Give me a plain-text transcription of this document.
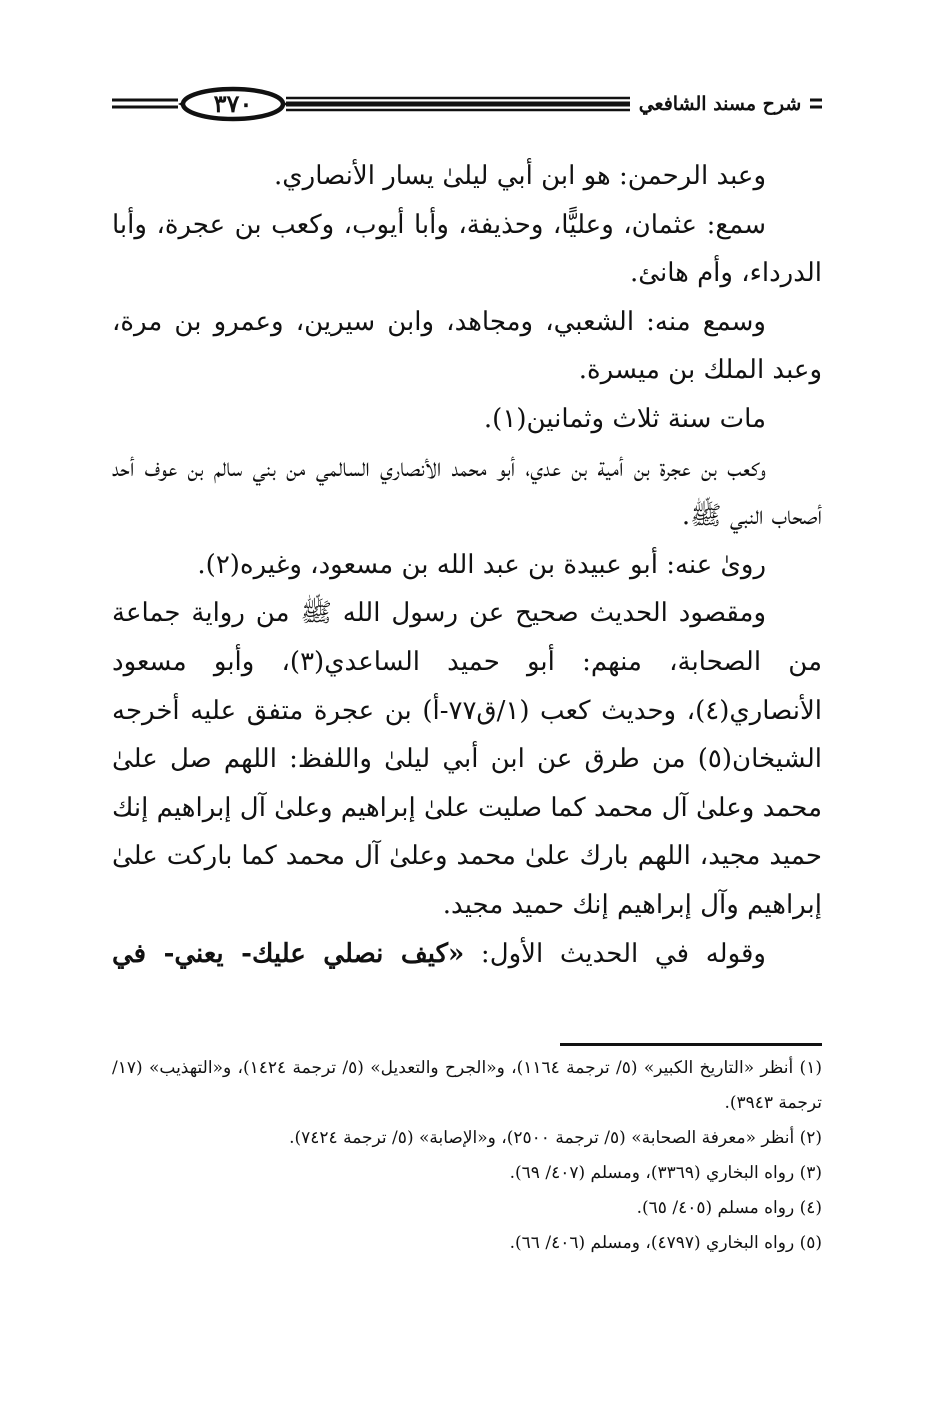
٣٧٠	شرح مسند الشافعي

وعبد الرحمن: هو ابن أبي ليلىٰ يسار الأنصاري.

سمع: عثمان، وعليًّا، وحذيفة، وأبا أيوب، وكعب بن عجرة، وأبا الدرداء، وأم هانئ.

وسمع منه: الشعبي، ومجاهد، وابن سيرين، وعمرو بن مرة، وعبد الملك بن ميسرة.

مات سنة ثلاث وثمانين(١).

وكعب بن عجرة بن أمية بن عدي، أبو محمد الأنصاري السالمي من بني سالم بن عوف أحد أصحاب النبي ﷺ.

روىٰ عنه: أبو عبيدة بن عبد الله بن مسعود، وغيره(٢).

ومقصود الحديث صحيح عن رسول الله ﷺ من رواية جماعة من الصحابة، منهم: أبو حميد الساعدي(٣)، وأبو مسعود الأنصاري(٤)، وحديث كعب (١/ق٧٧-أ) بن عجرة متفق عليه أخرجه الشيخان(٥) من طرق عن ابن أبي ليلىٰ واللفظ: اللهم صل علىٰ محمد وعلىٰ آل محمد كما صليت علىٰ إبراهيم وعلىٰ آل إبراهيم إنك حميد مجيد، اللهم بارك علىٰ محمد وعلىٰ آل محمد كما باركت علىٰ إبراهيم وآل إبراهيم إنك حميد مجيد.

وقوله في الحديث الأول: «كيف نصلي عليك- يعني- في

(١) أنظر «التاريخ الكبير» (٥/ ترجمة ١١٦٤)، و«الجرح والتعديل» (٥/ ترجمة ١٤٢٤)، و«التهذيب» (١٧/ ترجمة ٣٩٤٣).

(٢) أنظر «معرفة الصحابة» (٥/ ترجمة ٢٥٠٠)، و«الإصابة» (٥/ ترجمة ٧٤٢٤).

(٣) رواه البخاري (٣٣٦٩)، ومسلم (٤٠٧/ ٦٩).

(٤) رواه مسلم (٤٠٥/ ٦٥).

(٥) رواه البخاري (٤٧٩٧)، ومسلم (٤٠٦/ ٦٦).
